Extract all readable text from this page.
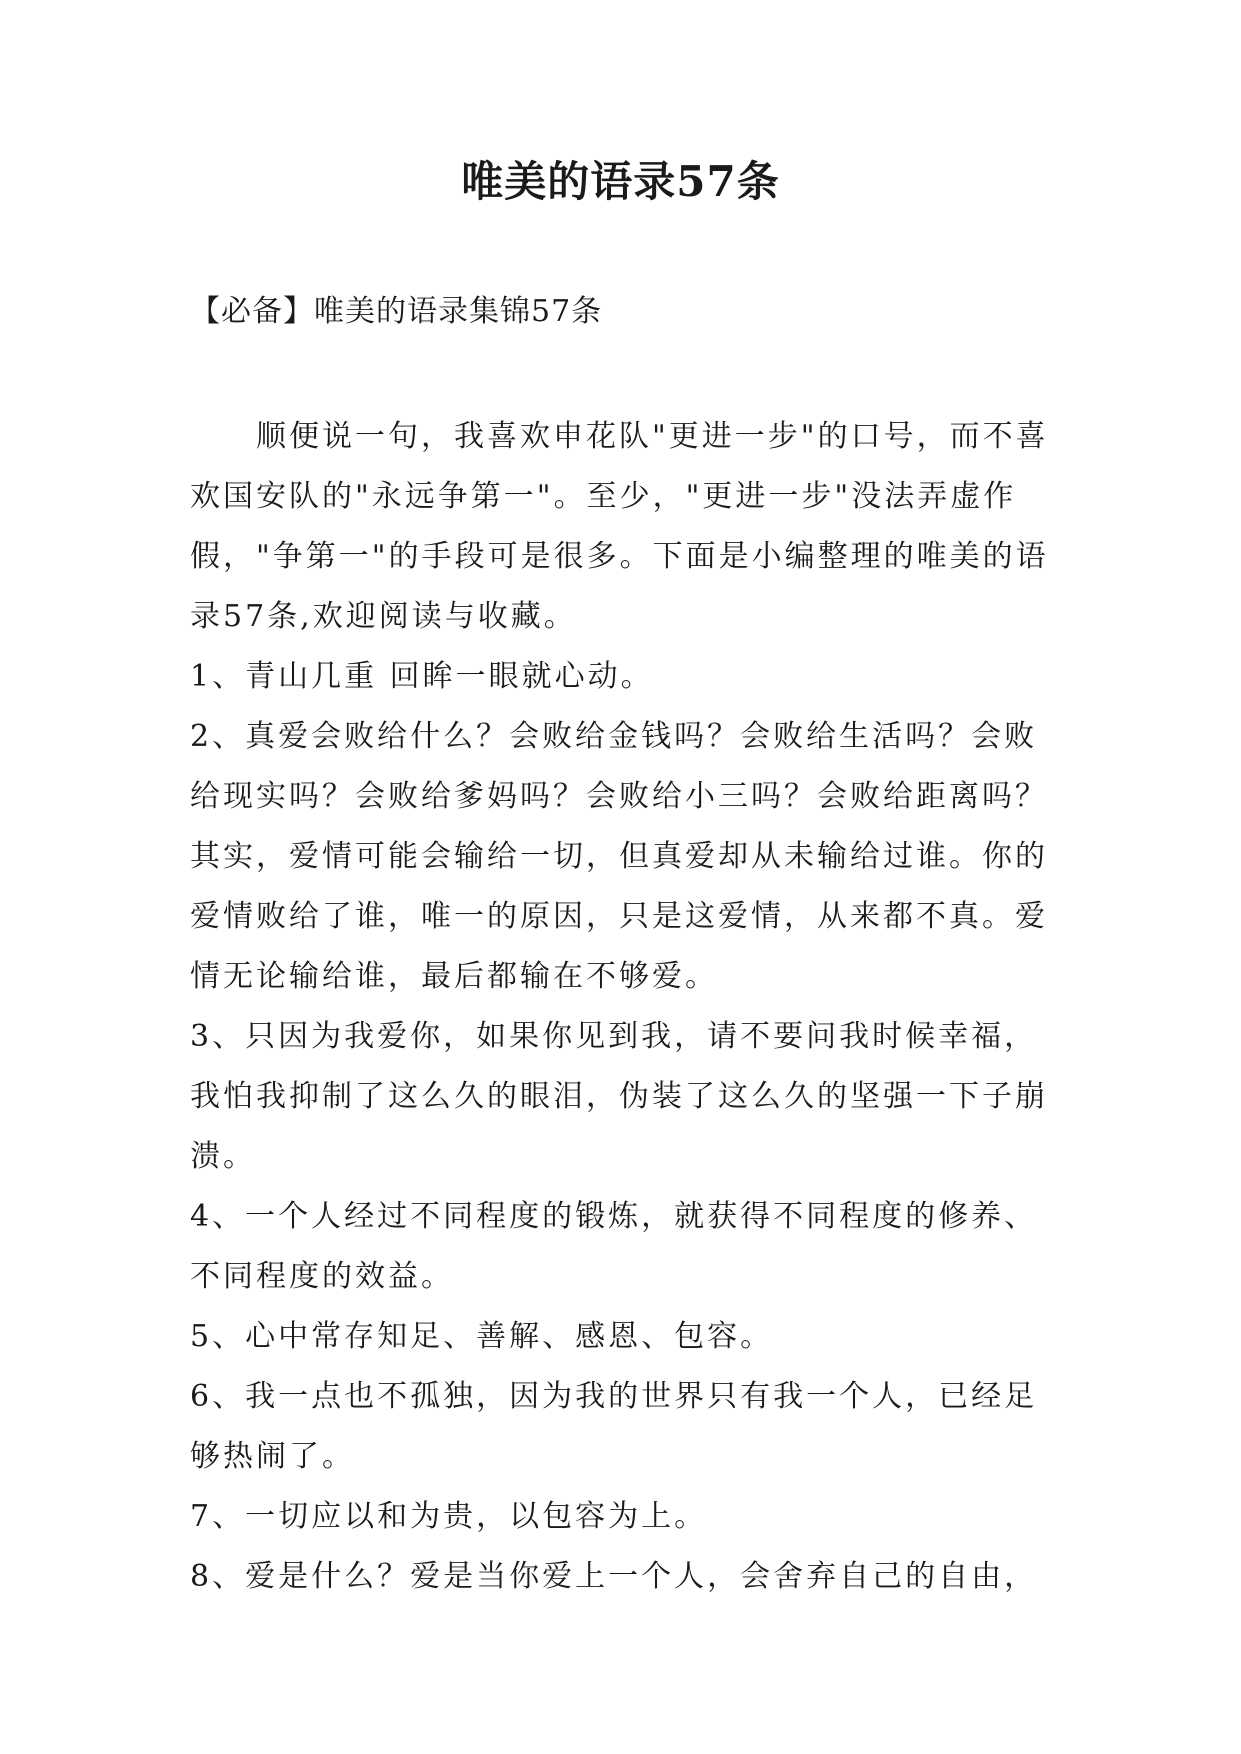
唯美的语录57条

【必备】唯美的语录集锦57条

顺便说一句，我喜欢申花队"更进一步"的口号，而不喜欢国安队的"永远争第一"。至少，"更进一步"没法弄虚作假，"争第一"的手段可是很多。下面是小编整理的唯美的语录57条,欢迎阅读与收藏。

1、青山几重 回眸一眼就心动。

2、真爱会败给什么？会败给金钱吗？会败给生活吗？会败给现实吗？会败给爹妈吗？会败给小三吗？会败给距离吗？其实，爱情可能会输给一切，但真爱却从未输给过谁。你的爱情败给了谁，唯一的原因，只是这爱情，从来都不真。爱情无论输给谁，最后都输在不够爱。

3、只因为我爱你，如果你见到我，请不要问我时候幸福，我怕我抑制了这么久的眼泪，伪装了这么久的坚强一下子崩溃。

4、一个人经过不同程度的锻炼，就获得不同程度的修养、不同程度的效益。

5、心中常存知足、善解、感恩、包容。

6、我一点也不孤独，因为我的世界只有我一个人，已经足够热闹了。

7、一切应以和为贵，以包容为上。

8、爱是什么？爱是当你爱上一个人，会舍弃自己的自由，
